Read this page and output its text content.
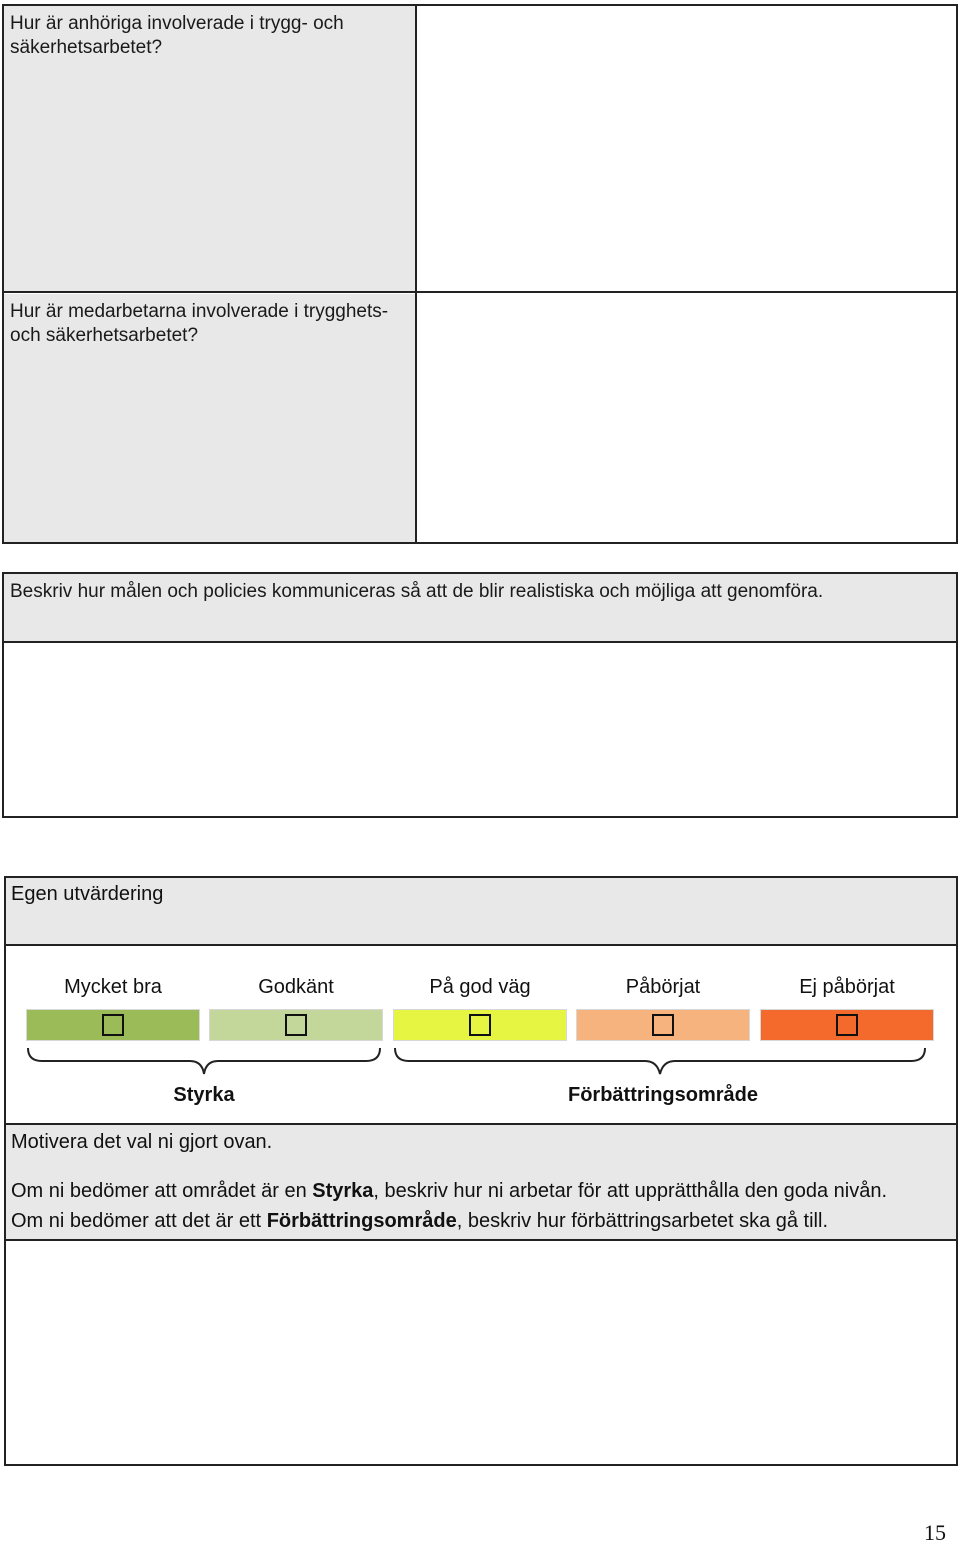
Hur är anhöriga involverade i trygg- och säkerhetsarbetet?
Hur är medarbetarna involverade i trygghets- och säkerhetsarbetet?
Beskriv hur målen och policies kommuniceras så att de blir realistiska och möjliga att genomföra.
Egen utvärdering
Mycket bra	Godkänt	På god väg	Påbörjat	Ej påbörjat
Styrka	Förbättringsområde
Motivera det val ni gjort ovan.
Om ni bedömer att området är en Styrka, beskriv hur ni arbetar för att upprätthålla den goda nivån.
Om ni bedömer att det är ett Förbättringsområde, beskriv hur förbättringsarbetet ska gå till.
15
